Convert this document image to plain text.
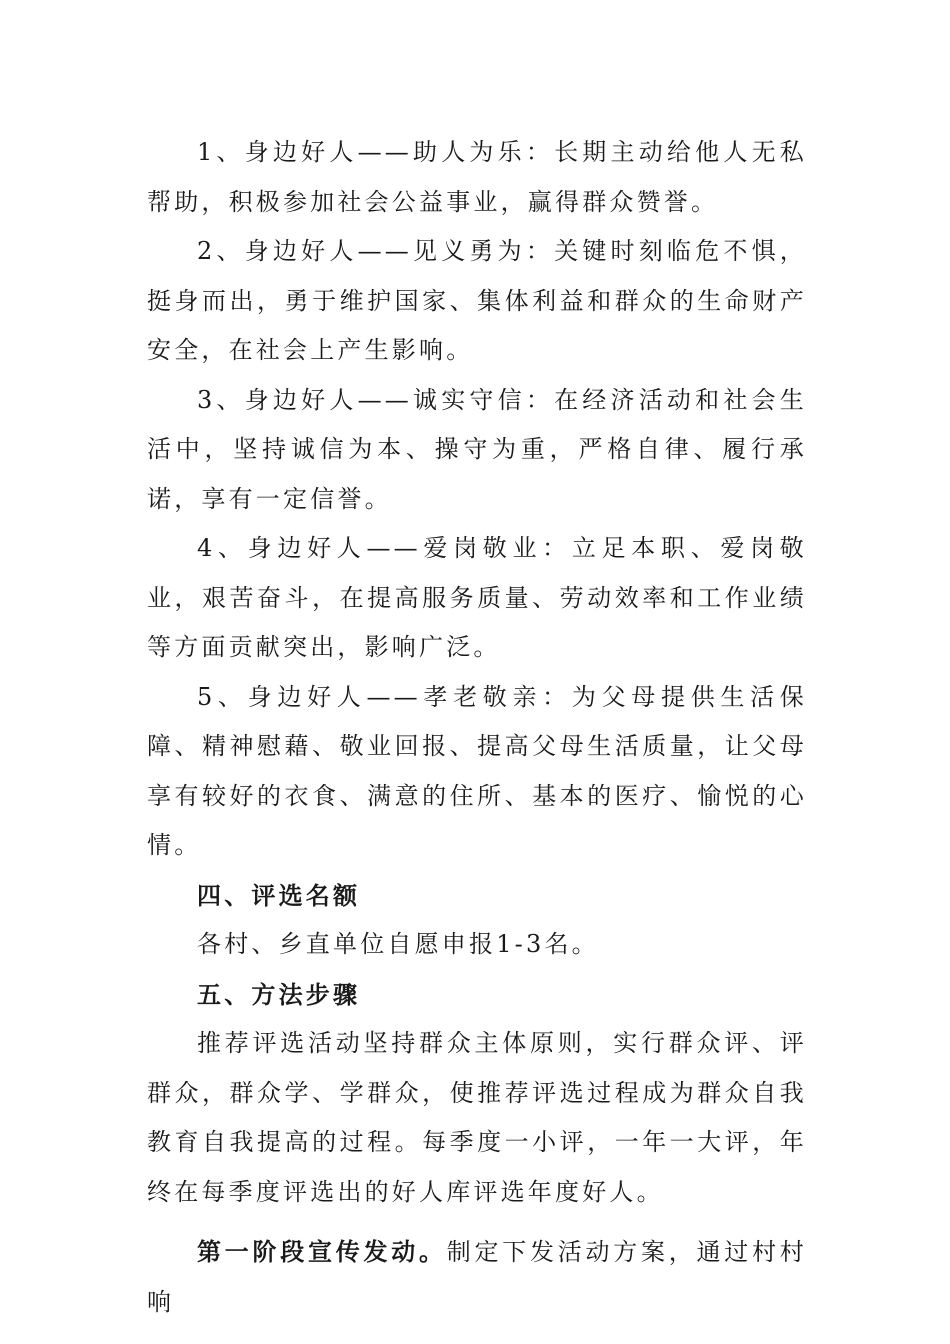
1、身边好人——助人为乐：长期主动给他人无私帮助，积极参加社会公益事业，赢得群众赞誉。

2、身边好人——见义勇为：关键时刻临危不惧，挺身而出，勇于维护国家、集体利益和群众的生命财产安全，在社会上产生影响。

3、身边好人——诚实守信：在经济活动和社会生活中，坚持诚信为本、操守为重，严格自律、履行承诺，享有一定信誉。

4、身边好人——爱岗敬业：立足本职、爱岗敬业，艰苦奋斗，在提高服务质量、劳动效率和工作业绩等方面贡献突出，影响广泛。

5、身边好人——孝老敬亲：为父母提供生活保障、精神慰藉、敬业回报、提高父母生活质量，让父母享有较好的衣食、满意的住所、基本的医疗、愉悦的心情。

四、评选名额

各村、乡直单位自愿申报1-3名。

五、方法步骤

推荐评选活动坚持群众主体原则，实行群众评、评群众，群众学、学群众，使推荐评选过程成为群众自我教育自我提高的过程。每季度一小评，一年一大评，年终在每季度评选出的好人库评选年度好人。

第一阶段宣传发动。制定下发活动方案，通过村村响
